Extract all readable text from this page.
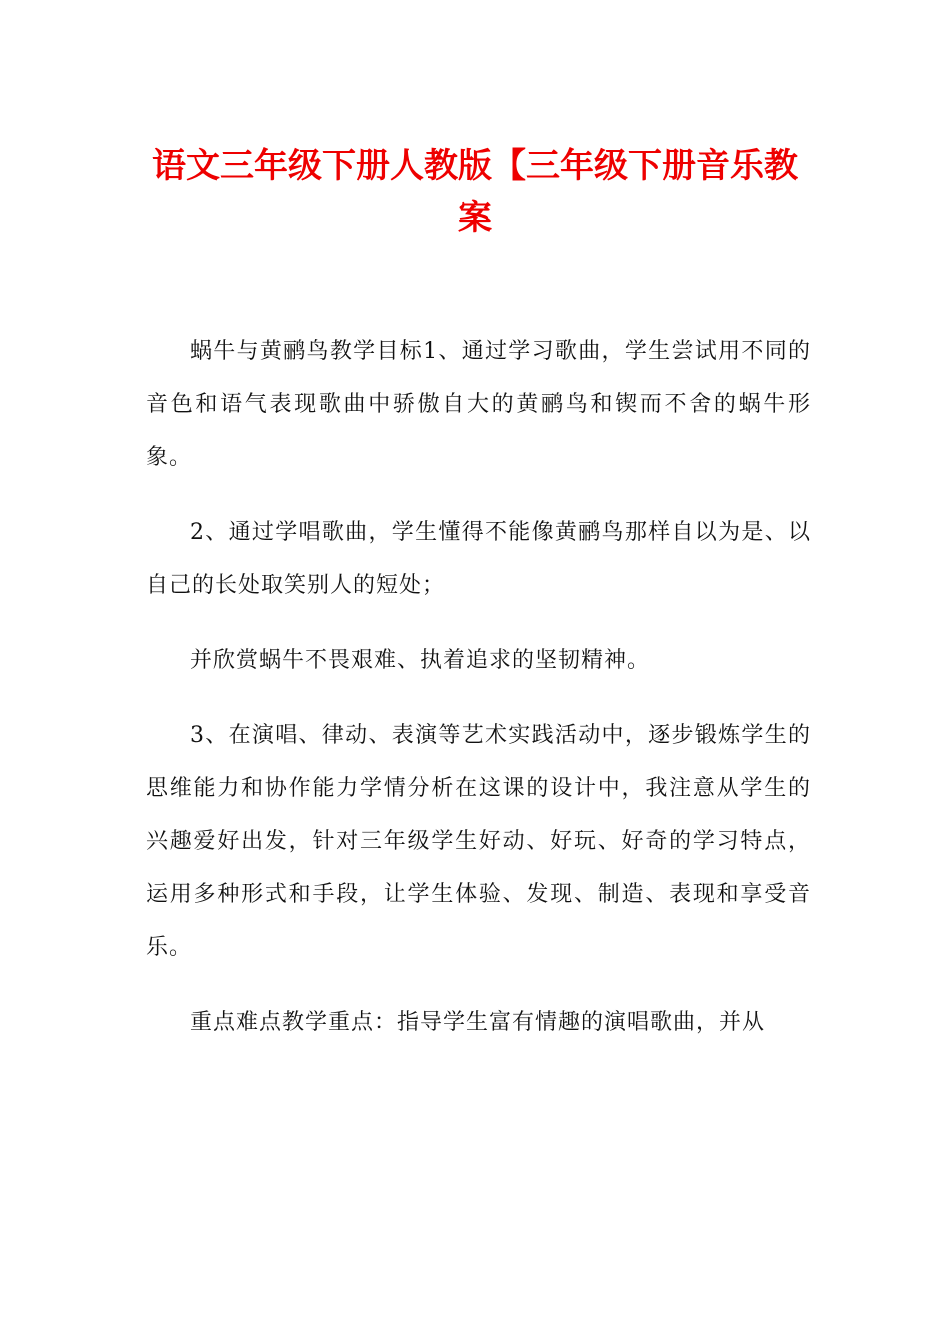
语文三年级下册人教版【三年级下册音乐教案

蜗牛与黄鹂鸟教学目标1、通过学习歌曲，学生尝试用不同的音色和语气表现歌曲中骄傲自大的黄鹂鸟和锲而不舍的蜗牛形象。

2、通过学唱歌曲，学生懂得不能像黄鹂鸟那样自以为是、以自己的长处取笑别人的短处；

并欣赏蜗牛不畏艰难、执着追求的坚韧精神。

3、在演唱、律动、表演等艺术实践活动中，逐步锻炼学生的思维能力和协作能力学情分析在这课的设计中，我注意从学生的兴趣爱好出发，针对三年级学生好动、好玩、好奇的学习特点，运用多种形式和手段，让学生体验、发现、制造、表现和享受音乐。

重点难点教学重点：指导学生富有情趣的演唱歌曲，并从
